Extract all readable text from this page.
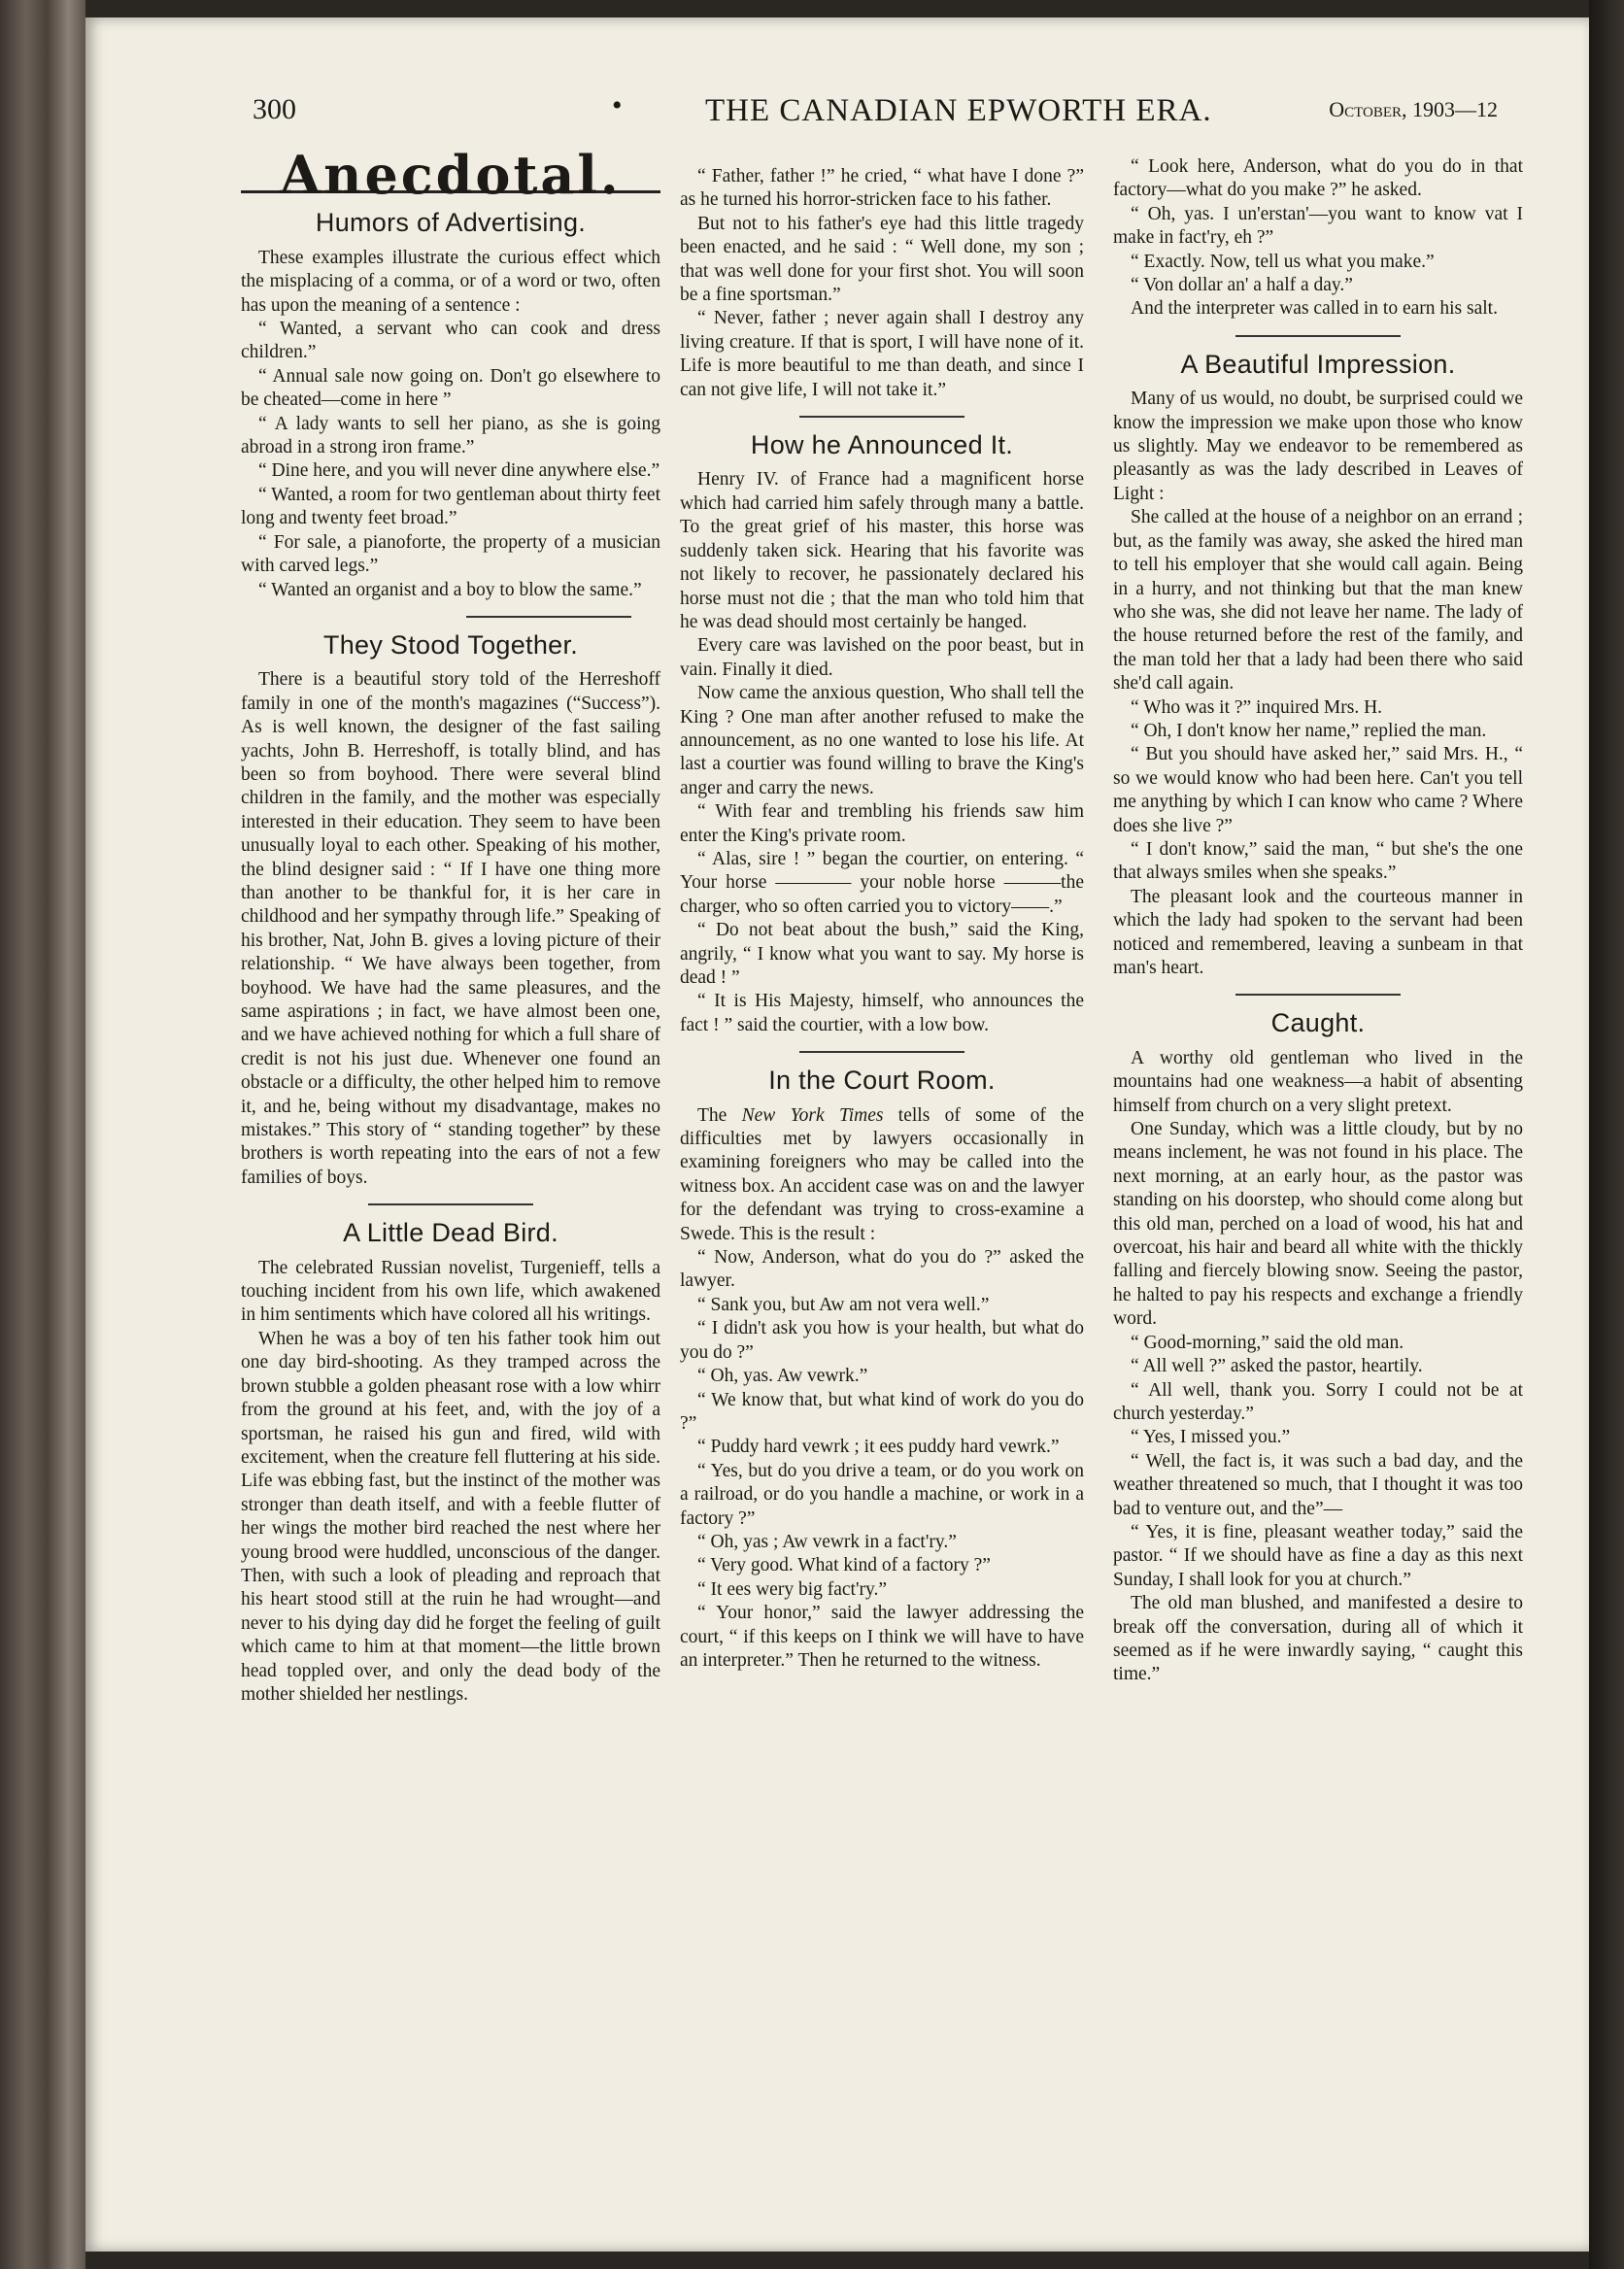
300	•	THE CANADIAN EPWORTH ERA.	October, 1903—12
Anecdotal.
Humors of Advertising.

These examples illustrate the curious effect which the misplacing of a comma, or of a word or two, often has upon the meaning of a sentence :

“ Wanted, a servant who can cook and dress children.”

“ Annual sale now going on. Don't go elsewhere to be cheated—come in here ”

“ A lady wants to sell her piano, as she is going abroad in a strong iron frame.”

“ Dine here, and you will never dine anywhere else.”

“ Wanted, a room for two gentleman about thirty feet long and twenty feet broad.”

“ For sale, a pianoforte, the property of a musician with carved legs.”

“ Wanted an organist and a boy to blow the same.”

They Stood Together.

There is a beautiful story told of the Herreshoff family in one of the month's magazines (“Success”). As is well known, the designer of the fast sailing yachts, John B. Herreshoff, is totally blind, and has been so from boyhood. There were several blind children in the family, and the mother was especially interested in their education. They seem to have been unusually loyal to each other. Speaking of his mother, the blind designer said : “ If I have one thing more than another to be thankful for, it is her care in childhood and her sympathy through life.” Speaking of his brother, Nat, John B. gives a loving picture of their relationship. “ We have always been together, from boyhood. We have had the same pleasures, and the same aspirations ; in fact, we have almost been one, and we have achieved nothing for which a full share of credit is not his just due. Whenever one found an obstacle or a difficulty, the other helped him to remove it, and he, being without my disadvantage, makes no mistakes.” This story of “ standing together” by these brothers is worth repeating into the ears of not a few families of boys.

A Little Dead Bird.

The celebrated Russian novelist, Turgenieff, tells a touching incident from his own life, which awakened in him sentiments which have colored all his writings.

When he was a boy of ten his father took him out one day bird-shooting. As they tramped across the brown stubble a golden pheasant rose with a low whirr from the ground at his feet, and, with the joy of a sportsman, he raised his gun and fired, wild with excitement, when the creature fell fluttering at his side. Life was ebbing fast, but the instinct of the mother was stronger than death itself, and with a feeble flutter of her wings the mother bird reached the nest where her young brood were huddled, unconscious of the danger. Then, with such a look of pleading and reproach that his heart stood still at the ruin he had wrought—and never to his dying day did he forget the feeling of guilt which came to him at that moment—the little brown head toppled over, and only the dead body of the mother shielded her nestlings.

“ Father, father !” he cried, “ what have I done ?” as he turned his horror-stricken face to his father.

But not to his father's eye had this little tragedy been enacted, and he said : “ Well done, my son ; that was well done for your first shot. You will soon be a fine sportsman.”

“ Never, father ; never again shall I destroy any living creature. If that is sport, I will have none of it. Life is more beautiful to me than death, and since I can not give life, I will not take it.”

How he Announced It.

Henry IV. of France had a magnificent horse which had carried him safely through many a battle. To the great grief of his master, this horse was suddenly taken sick. Hearing that his favorite was not likely to recover, he passionately declared his horse must not die ; that the man who told him that he was dead should most certainly be hanged.

Every care was lavished on the poor beast, but in vain. Finally it died.

Now came the anxious question, Who shall tell the King ? One man after another refused to make the announcement, as no one wanted to lose his life. At last a courtier was found willing to brave the King's anger and carry the news.

“ With fear and trembling his friends saw him enter the King's private room.

“ Alas, sire ! ” began the courtier, on entering. “ Your horse ———— your noble horse ———the charger, who so often carried you to victory——.”

“ Do not beat about the bush,” said the King, angrily, “ I know what you want to say. My horse is dead ! ”

“ It is His Majesty, himself, who announces the fact ! ” said the courtier, with a low bow.

In the Court Room.

The New York Times tells of some of the difficulties met by lawyers occasionally in examining foreigners who may be called into the witness box. An accident case was on and the lawyer for the defendant was trying to cross-examine a Swede. This is the result :

“ Now, Anderson, what do you do ?” asked the lawyer.

“ Sank you, but Aw am not vera well.”

“ I didn't ask you how is your health, but what do you do ?”

“ Oh, yas. Aw vewrk.”

“ We know that, but what kind of work do you do ?”

“ Puddy hard vewrk ; it ees puddy hard vewrk.”

“ Yes, but do you drive a team, or do you work on a railroad, or do you handle a machine, or work in a factory ?”

“ Oh, yas ; Aw vewrk in a fact'ry.”

“ Very good. What kind of a factory ?”

“ It ees wery big fact'ry.”

“ Your honor,” said the lawyer addressing the court, “ if this keeps on I think we will have to have an interpreter.” Then he returned to the witness.

“ Look here, Anderson, what do you do in that factory—what do you make ?” he asked.

“ Oh, yas. I un'erstan'—you want to know vat I make in fact'ry, eh ?”

“ Exactly. Now, tell us what you make.”

“ Von dollar an' a half a day.”

And the interpreter was called in to earn his salt.

A Beautiful Impression.

Many of us would, no doubt, be surprised could we know the impression we make upon those who know us slightly. May we endeavor to be remembered as pleasantly as was the lady described in Leaves of Light :

She called at the house of a neighbor on an errand ; but, as the family was away, she asked the hired man to tell his employer that she would call again. Being in a hurry, and not thinking but that the man knew who she was, she did not leave her name. The lady of the house returned before the rest of the family, and the man told her that a lady had been there who said she'd call again.

“ Who was it ?” inquired Mrs. H.

“ Oh, I don't know her name,” replied the man.

“ But you should have asked her,” said Mrs. H., “ so we would know who had been here. Can't you tell me anything by which I can know who came ? Where does she live ?”

“ I don't know,” said the man, “ but she's the one that always smiles when she speaks.”

The pleasant look and the courteous manner in which the lady had spoken to the servant had been noticed and remembered, leaving a sunbeam in that man's heart.

Caught.

A worthy old gentleman who lived in the mountains had one weakness—a habit of absenting himself from church on a very slight pretext.

One Sunday, which was a little cloudy, but by no means inclement, he was not found in his place. The next morning, at an early hour, as the pastor was standing on his doorstep, who should come along but this old man, perched on a load of wood, his hat and overcoat, his hair and beard all white with the thickly falling and fiercely blowing snow. Seeing the pastor, he halted to pay his respects and exchange a friendly word.

“ Good-morning,” said the old man.

“ All well ?” asked the pastor, heartily.

“ All well, thank you. Sorry I could not be at church yesterday.”

“ Yes, I missed you.”

“ Well, the fact is, it was such a bad day, and the weather threatened so much, that I thought it was too bad to venture out, and the”—

“ Yes, it is fine, pleasant weather today,” said the pastor. “ If we should have as fine a day as this next Sunday, I shall look for you at church.”

The old man blushed, and manifested a desire to break off the conversation, during all of which it seemed as if he were inwardly saying, “ caught this time.”
